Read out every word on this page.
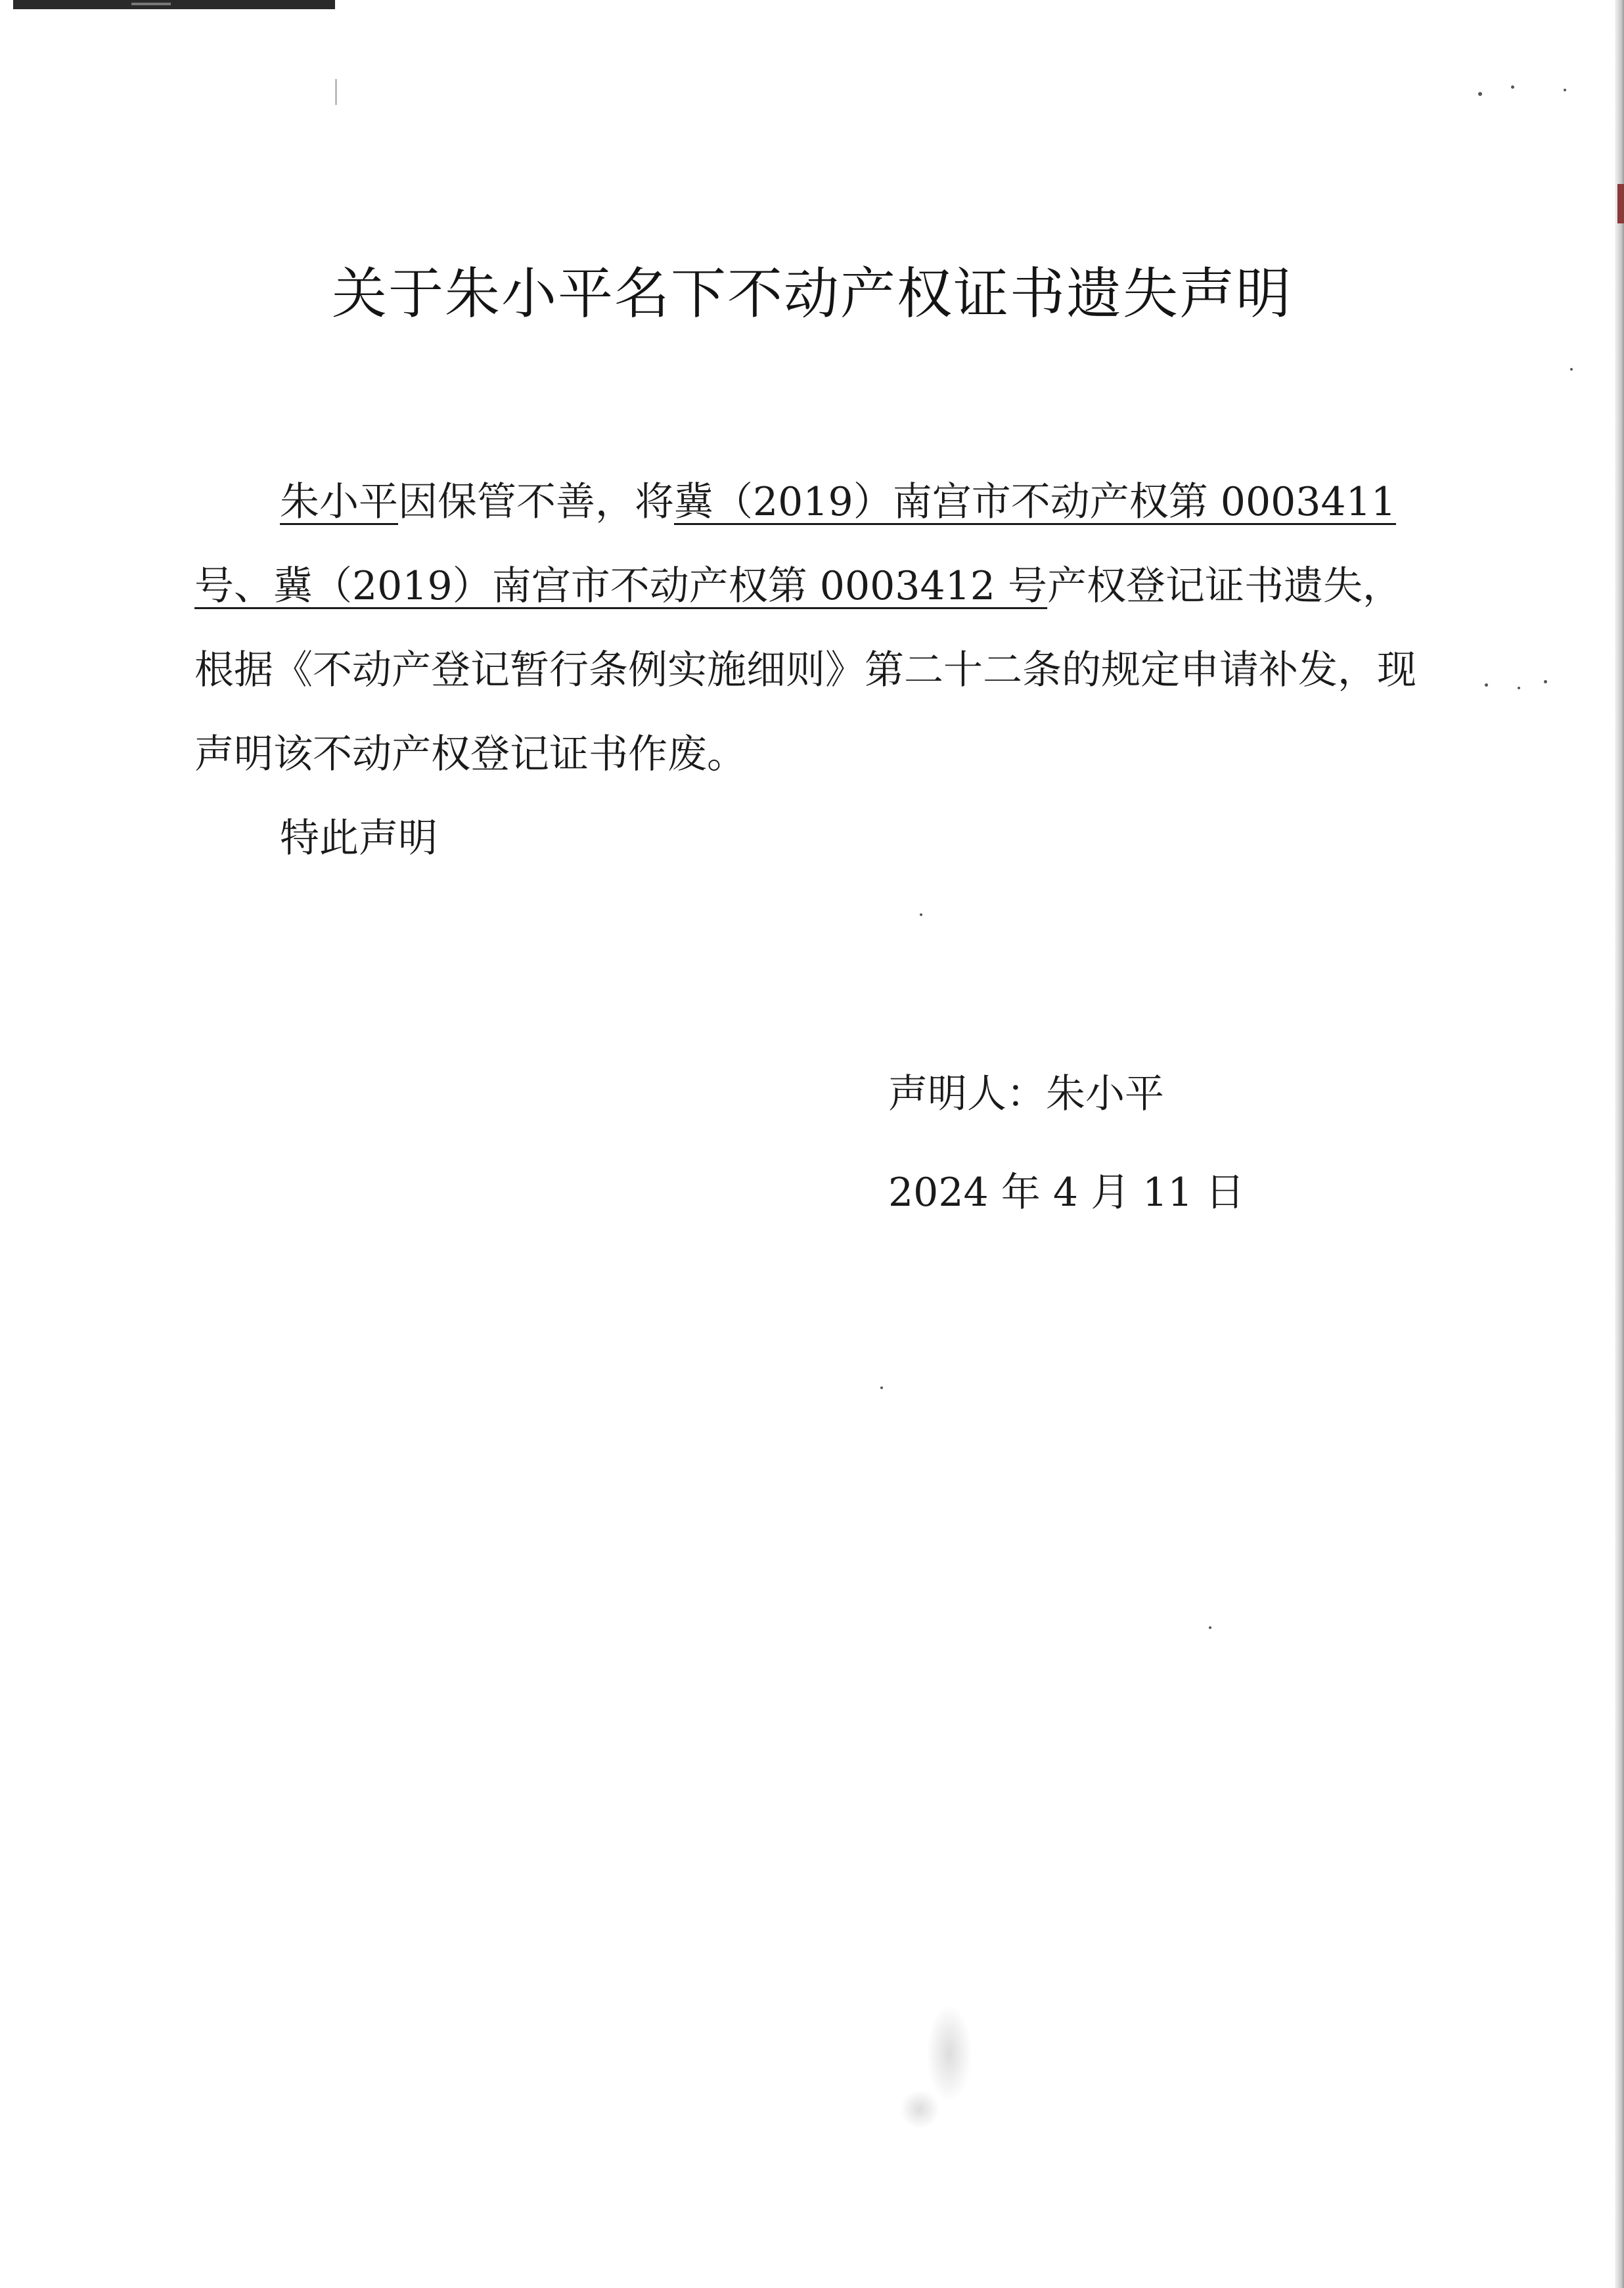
关于朱小平名下不动产权证书遗失声明

朱小平因保管不善，将冀（2019）南宫市不动产权第 0003411 号、冀（2019）南宫市不动产权第 0003412 号产权登记证书遗失，根据《不动产登记暂行条例实施细则》第二十二条的规定申请补发，现声明该不动产权登记证书作废。

特此声明

声明人：朱小平
2024 年 4 月 11 日
